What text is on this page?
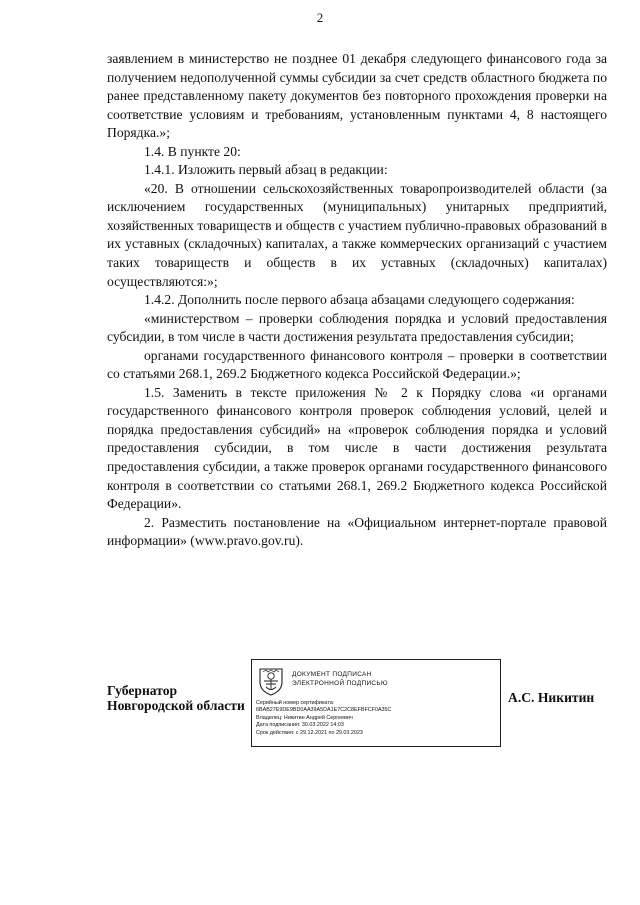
2

заявлением в министерство не позднее 01 декабря следующего финансового года за получением недополученной суммы субсидии за счет средств областного бюджета по ранее представленному пакету документов без повторного прохождения проверки на соответствие условиям и требованиям, установленным пунктами 4, 8 настоящего Порядка.»;

1.4. В пункте 20:

1.4.1. Изложить первый абзац в редакции:

«20. В отношении сельскохозяйственных товаропроизводителей области (за исключением государственных (муниципальных) унитарных предприятий, хозяйственных товариществ и обществ с участием публично-правовых образований в их уставных (складочных) капиталах, а также коммерческих организаций с участием таких товариществ и обществ в их уставных (складочных) капиталах) осуществляются:»;

1.4.2. Дополнить после первого абзаца абзацами следующего содержания:

«министерством – проверки соблюдения порядка и условий предоставления субсидии, в том числе в части достижения результата предоставления субсидии;

органами государственного финансового контроля – проверки в соответствии со статьями 268.1, 269.2 Бюджетного кодекса Российской Федерации.»;

1.5. Заменить в тексте приложения № 2 к Порядку слова «и органами государственного финансового контроля проверок соблюдения условий, целей и порядка предоставления субсидий» на «проверок соблюдения порядка и условий предоставления субсидии, в том числе в части достижения результата предоставления субсидии, а также проверок органами государственного финансового контроля в соответствии со статьями 268.1, 269.2 Бюджетного кодекса Российской Федерации».

2. Разместить постановление на «Официальном интернет-портале правовой информации» (www.pravo.gov.ru).

Губернатор
Новгородской области
ДОКУМЕНТ ПОДПИСАН
ЭЛЕКТРОННОЙ ПОДПИСЬЮ
Серийный номер сертификата:
6BAB27E9DE9BD0AA39A5DA1E7C2C8EFBFCF0A35C
Владелец: Никитин Андрей Сергеевич
Дата подписания: 30.03.2022 14:03
Срок действия: с 29.12.2021 по 29.03.2023
А.С. Никитин
